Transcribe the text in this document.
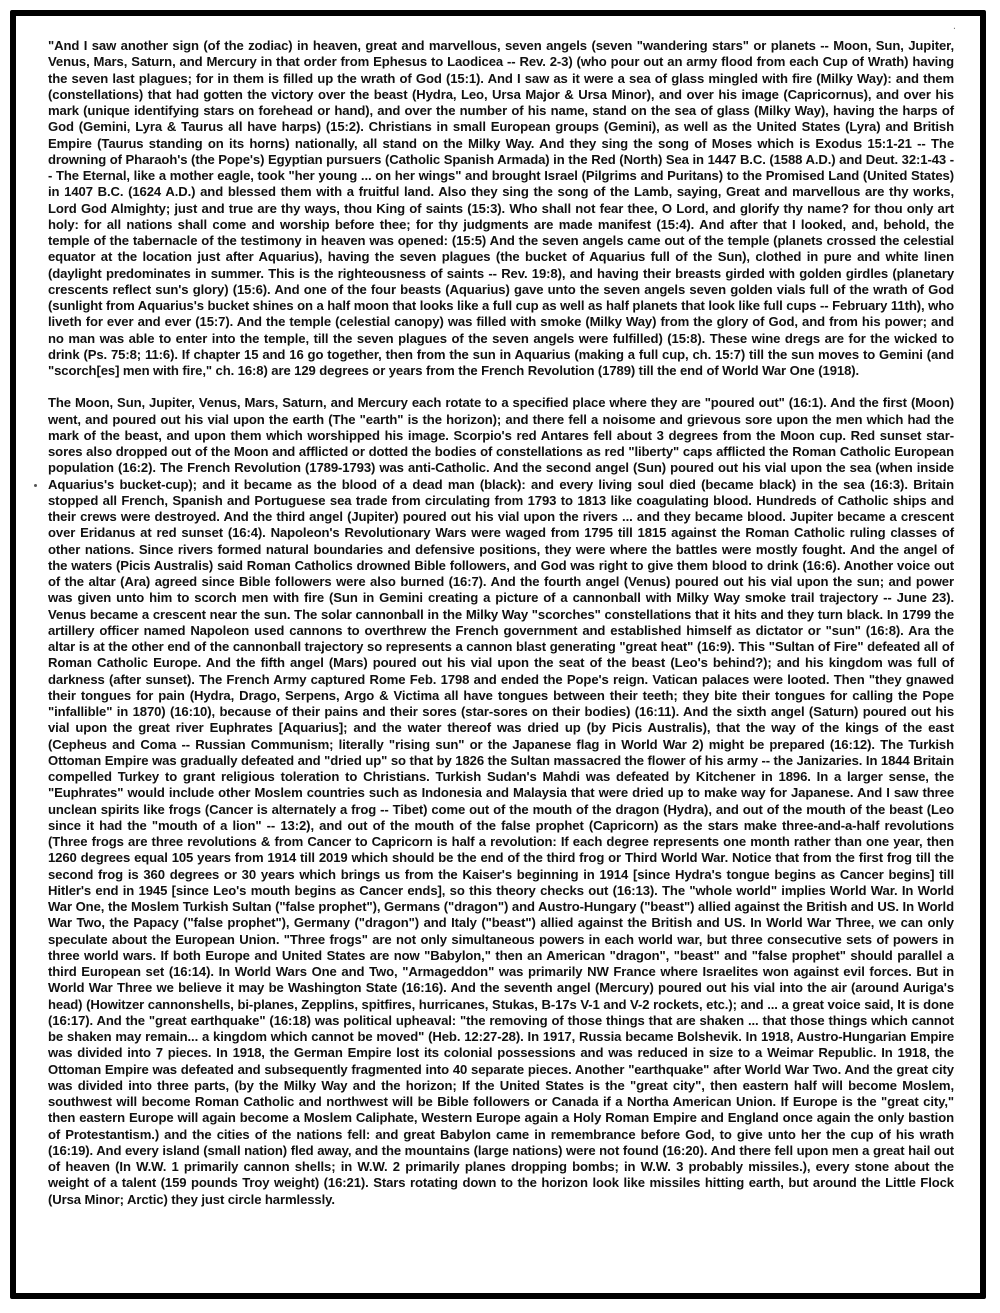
·

"And I saw another sign (of the zodiac) in heaven, great and marvellous, seven angels (seven "wandering stars" or planets -- Moon, Sun, Jupiter, Venus, Mars, Saturn, and Mercury in that order from Ephesus to Laodicea -- Rev. 2-3) (who pour out an army flood from each Cup of Wrath) having the seven last plagues; for in them is filled up the wrath of God (15:1). And I saw as it were a sea of glass mingled with fire (Milky Way): and them (constellations) that had gotten the victory over the beast (Hydra, Leo, Ursa Major & Ursa Minor), and over his image (Capricornus), and over his mark (unique identifying stars on forehead or hand), and over the number of his name, stand on the sea of glass (Milky Way), having the harps of God (Gemini, Lyra & Taurus all have harps) (15:2). Christians in small European groups (Gemini), as well as the United States (Lyra) and British Empire (Taurus standing on its horns) nationally, all stand on the Milky Way. And they sing the song of Moses which is Exodus 15:1-21 -- The drowning of Pharaoh's (the Pope's) Egyptian pursuers (Catholic Spanish Armada) in the Red (North) Sea in 1447 B.C. (1588 A.D.) and Deut. 32:1-43 -- The Eternal, like a mother eagle, took "her young ... on her wings" and brought Israel (Pilgrims and Puritans) to the Promised Land (United States) in 1407 B.C. (1624 A.D.) and blessed them with a fruitful land. Also they sing the song of the Lamb, saying, Great and marvellous are thy works, Lord God Almighty; just and true are thy ways, thou King of saints (15:3). Who shall not fear thee, O Lord, and glorify thy name? for thou only art holy: for all nations shall come and worship before thee; for thy judgments are made manifest (15:4). And after that I looked, and, behold, the temple of the tabernacle of the testimony in heaven was opened: (15:5) And the seven angels came out of the temple (planets crossed the celestial equator at the location just after Aquarius), having the seven plagues (the bucket of Aquarius full of the Sun), clothed in pure and white linen (daylight predominates in summer. This is the righteousness of saints -- Rev. 19:8), and having their breasts girded with golden girdles (planetary crescents reflect sun's glory) (15:6). And one of the four beasts (Aquarius) gave unto the seven angels seven golden vials full of the wrath of God (sunlight from Aquarius's bucket shines on a half moon that looks like a full cup as well as half planets that look like full cups -- February 11th), who liveth for ever and ever (15:7). And the temple (celestial canopy) was filled with smoke (Milky Way) from the glory of God, and from his power; and no man was able to enter into the temple, till the seven plagues of the seven angels were fulfilled) (15:8). These wine dregs are for the wicked to drink (Ps. 75:8; 11:6). If chapter 15 and 16 go together, then from the sun in Aquarius (making a full cup, ch. 15:7) till the sun moves to Gemini (and "scorch[es] men with fire," ch. 16:8) are 129 degrees or years from the French Revolution (1789) till the end of World War One (1918).

The Moon, Sun, Jupiter, Venus, Mars, Saturn, and Mercury each rotate to a specified place where they are "poured out" (16:1). And the first (Moon) went, and poured out his vial upon the earth (The "earth" is the horizon); and there fell a noisome and grievous sore upon the men which had the mark of the beast, and upon them which worshipped his image. Scorpio's red Antares fell about 3 degrees from the Moon cup. Red sunset star-sores also dropped out of the Moon and afflicted or dotted the bodies of constellations as red "liberty" caps afflicted the Roman Catholic European population (16:2). The French Revolution (1789-1793) was anti-Catholic. And the second angel (Sun) poured out his vial upon the sea (when inside Aquarius's bucket-cup); and it became as the blood of a dead man (black): and every living soul died (became black) in the sea (16:3). Britain stopped all French, Spanish and Portuguese sea trade from circulating from 1793 to 1813 like coagulating blood. Hundreds of Catholic ships and their crews were destroyed. And the third angel (Jupiter) poured out his vial upon the rivers ... and they became blood. Jupiter became a crescent over Eridanus at red sunset (16:4). Napoleon's Revolutionary Wars were waged from 1795 till 1815 against the Roman Catholic ruling classes of other nations. Since rivers formed natural boundaries and defensive positions, they were where the battles were mostly fought. And the angel of the waters (Picis Australis) said Roman Catholics drowned Bible followers, and God was right to give them blood to drink (16:6). Another voice out of the altar (Ara) agreed since Bible followers were also burned (16:7). And the fourth angel (Venus) poured out his vial upon the sun; and power was given unto him to scorch men with fire (Sun in Gemini creating a picture of a cannonball with Milky Way smoke trail trajectory -- June 23). Venus became a crescent near the sun. The solar cannonball in the Milky Way "scorches" constellations that it hits and they turn black. In 1799 the artillery officer named Napoleon used cannons to overthrew the French government and established himself as dictator or "sun" (16:8). Ara the altar is at the other end of the cannonball trajectory so represents a cannon blast generating "great heat" (16:9). This "Sultan of Fire" defeated all of Roman Catholic Europe. And the fifth angel (Mars) poured out his vial upon the seat of the beast (Leo's behind?); and his kingdom was full of darkness (after sunset). The French Army captured Rome Feb. 1798 and ended the Pope's reign. Vatican palaces were looted. Then "they gnawed their tongues for pain (Hydra, Drago, Serpens, Argo & Victima all have tongues between their teeth; they bite their tongues for calling the Pope "infallible" in 1870) (16:10), because of their pains and their sores (star-sores on their bodies) (16:11). And the sixth angel (Saturn) poured out his vial upon the great river Euphrates [Aquarius]; and the water thereof was dried up (by Picis Australis), that the way of the kings of the east (Cepheus and Coma -- Russian Communism; literally "rising sun" or the Japanese flag in World War 2) might be prepared (16:12). The Turkish Ottoman Empire was gradually defeated and "dried up" so that by 1826 the Sultan massacred the flower of his army -- the Janizaries. In 1844 Britain compelled Turkey to grant religious toleration to Christians. Turkish Sudan's Mahdi was defeated by Kitchener in 1896. In a larger sense, the "Euphrates" would include other Moslem countries such as Indonesia and Malaysia that were dried up to make way for Japanese. And I saw three unclean spirits like frogs (Cancer is alternately a frog -- Tibet) come out of the mouth of the dragon (Hydra), and out of the mouth of the beast (Leo since it had the "mouth of a lion" -- 13:2), and out of the mouth of the false prophet (Capricorn) as the stars make three-and-a-half revolutions (Three frogs are three revolutions & from Cancer to Capricorn is half a revolution: If each degree represents one month rather than one year, then 1260 degrees equal 105 years from 1914 till 2019 which should be the end of the third frog or Third World War. Notice that from the first frog till the second frog is 360 degrees or 30 years which brings us from the Kaiser's beginning in 1914 [since Hydra's tongue begins as Cancer begins] till Hitler's end in 1945 [since Leo's mouth begins as Cancer ends], so this theory checks out (16:13). The "whole world" implies World War. In World War One, the Moslem Turkish Sultan ("false prophet"), Germans ("dragon") and Austro-Hungary ("beast") allied against the British and US. In World War Two, the Papacy ("false prophet"), Germany ("dragon") and Italy ("beast") allied against the British and US. In World War Three, we can only speculate about the European Union. "Three frogs" are not only simultaneous powers in each world war, but three consecutive sets of powers in three world wars. If both Europe and United States are now "Babylon," then an American "dragon", "beast" and "false prophet" should parallel a third European set (16:14). In World Wars One and Two, "Armageddon" was primarily NW France where Israelites won against evil forces. But in World War Three we believe it may be Washington State (16:16). And the seventh angel (Mercury) poured out his vial into the air (around Auriga's head) (Howitzer cannonshells, bi-planes, Zepplins, spitfires, hurricanes, Stukas, B-17s V-1 and V-2 rockets, etc.); and ... a great voice said, It is done (16:17). And the "great earthquake" (16:18) was political upheaval: "the removing of those things that are shaken ... that those things which cannot be shaken may remain... a kingdom which cannot be moved" (Heb. 12:27-28). In 1917, Russia became Bolshevik. In 1918, Austro-Hungarian Empire was divided into 7 pieces. In 1918, the German Empire lost its colonial possessions and was reduced in size to a Weimar Republic. In 1918, the Ottoman Empire was defeated and subsequently fragmented into 40 separate pieces. Another "earthquake" after World War Two. And the great city was divided into three parts, (by the Milky Way and the horizon; If the United States is the "great city", then eastern half will become Moslem, southwest will become Roman Catholic and northwest will be Bible followers or Canada if a Northa American Union. If Europe is the "great city," then eastern Europe will again become a Moslem Caliphate, Western Europe again a Holy Roman Empire and England once again the only bastion of Protestantism.) and the cities of the nations fell: and great Babylon came in remembrance before God, to give unto her the cup of his wrath (16:19). And every island (small nation) fled away, and the mountains (large nations) were not found (16:20). And there fell upon men a great hail out of heaven (In W.W. 1 primarily cannon shells; in W.W. 2 primarily planes dropping bombs; in W.W. 3 probably missiles.), every stone about the weight of a talent (159 pounds Troy weight) (16:21). Stars rotating down to the horizon look like missiles hitting earth, but around the Little Flock (Ursa Minor; Arctic) they just circle harmlessly.
